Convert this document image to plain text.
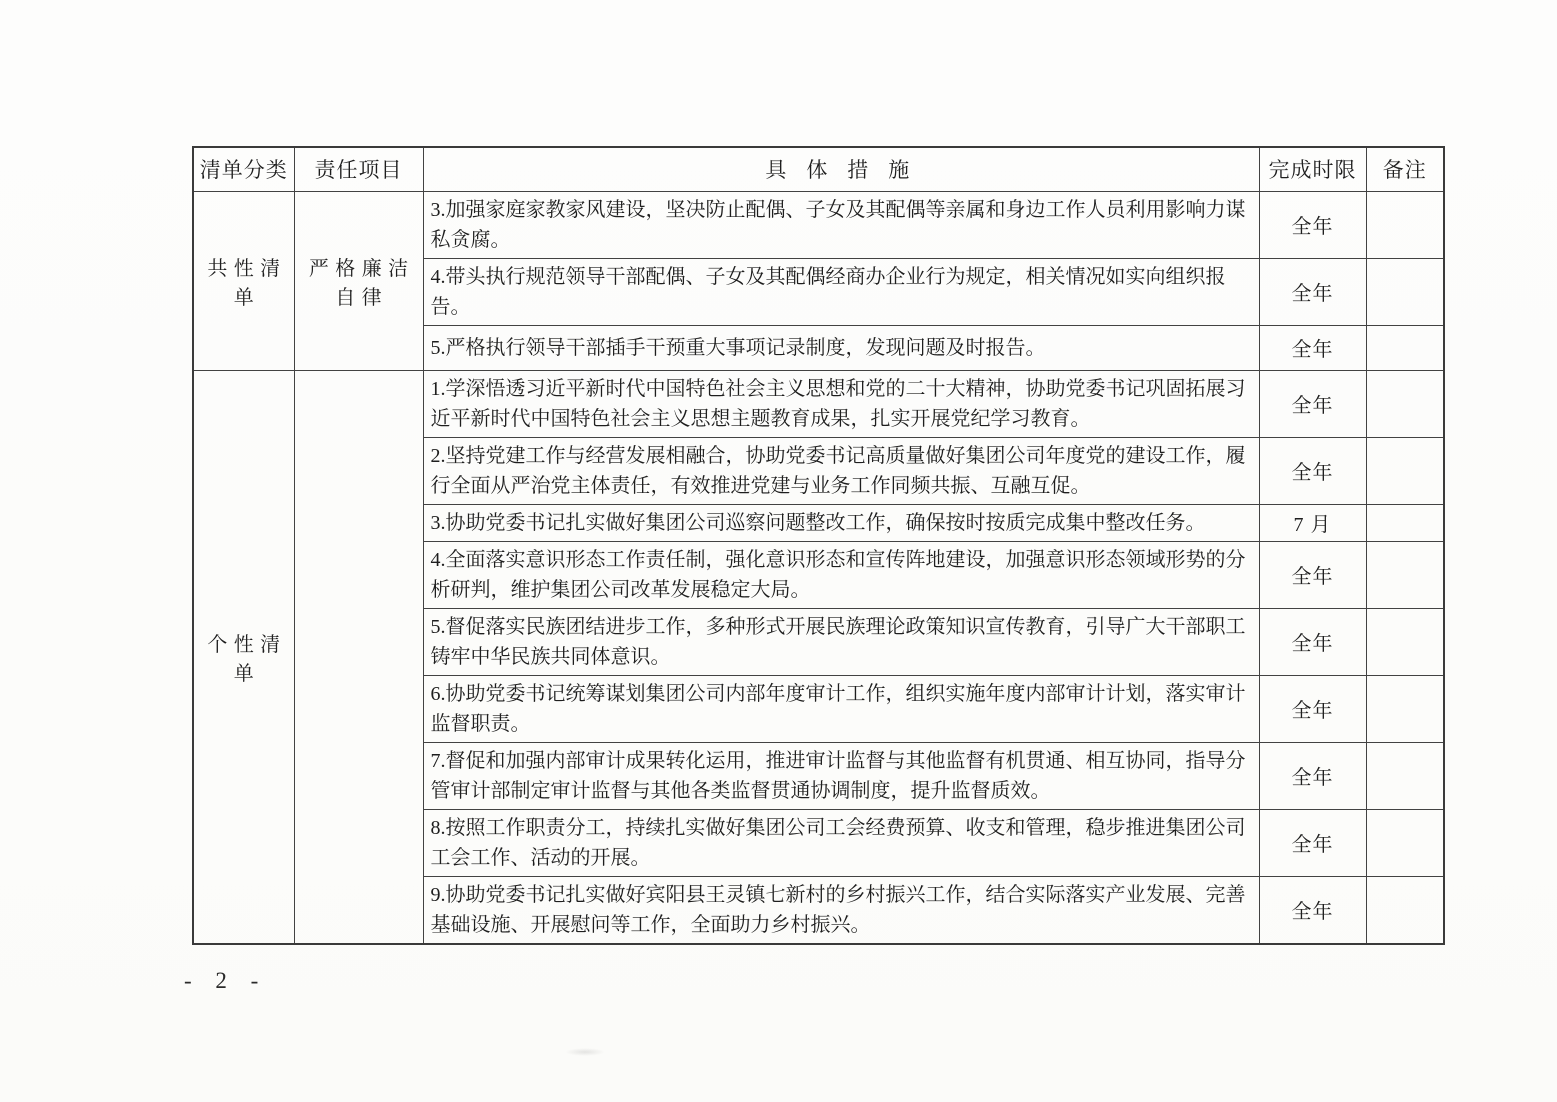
清单分类	责任项目	具 体 措 施	完成时限	备注
共性清单	严格廉洁自律	3.加强家庭家教家风建设，坚决防止配偶、子女及其配偶等亲属和身边工作人员利用影响力谋私贪腐。	全年	
		4.带头执行规范领导干部配偶、子女及其配偶经商办企业行为规定，相关情况如实向组织报告。	全年	
		5.严格执行领导干部插手干预重大事项记录制度，发现问题及时报告。	全年	
个性清单		1.学深悟透习近平新时代中国特色社会主义思想和党的二十大精神，协助党委书记巩固拓展习近平新时代中国特色社会主义思想主题教育成果，扎实开展党纪学习教育。	全年	
		2.坚持党建工作与经营发展相融合，协助党委书记高质量做好集团公司年度党的建设工作，履行全面从严治党主体责任，有效推进党建与业务工作同频共振、互融互促。	全年	
		3.协助党委书记扎实做好集团公司巡察问题整改工作，确保按时按质完成集中整改任务。	7 月	
		4.全面落实意识形态工作责任制，强化意识形态和宣传阵地建设，加强意识形态领域形势的分析研判，维护集团公司改革发展稳定大局。	全年	
		5.督促落实民族团结进步工作，多种形式开展民族理论政策知识宣传教育，引导广大干部职工铸牢中华民族共同体意识。	全年	
		6.协助党委书记统筹谋划集团公司内部年度审计工作，组织实施年度内部审计计划，落实审计监督职责。	全年	
		7.督促和加强内部审计成果转化运用，推进审计监督与其他监督有机贯通、相互协同，指导分管审计部制定审计监督与其他各类监督贯通协调制度，提升监督质效。	全年	
		8.按照工作职责分工，持续扎实做好集团公司工会经费预算、收支和管理，稳步推进集团公司工会工作、活动的开展。	全年	
		9.协助党委书记扎实做好宾阳县王灵镇七新村的乡村振兴工作，结合实际落实产业发展、完善基础设施、开展慰问等工作，全面助力乡村振兴。	全年	
- 2 -
